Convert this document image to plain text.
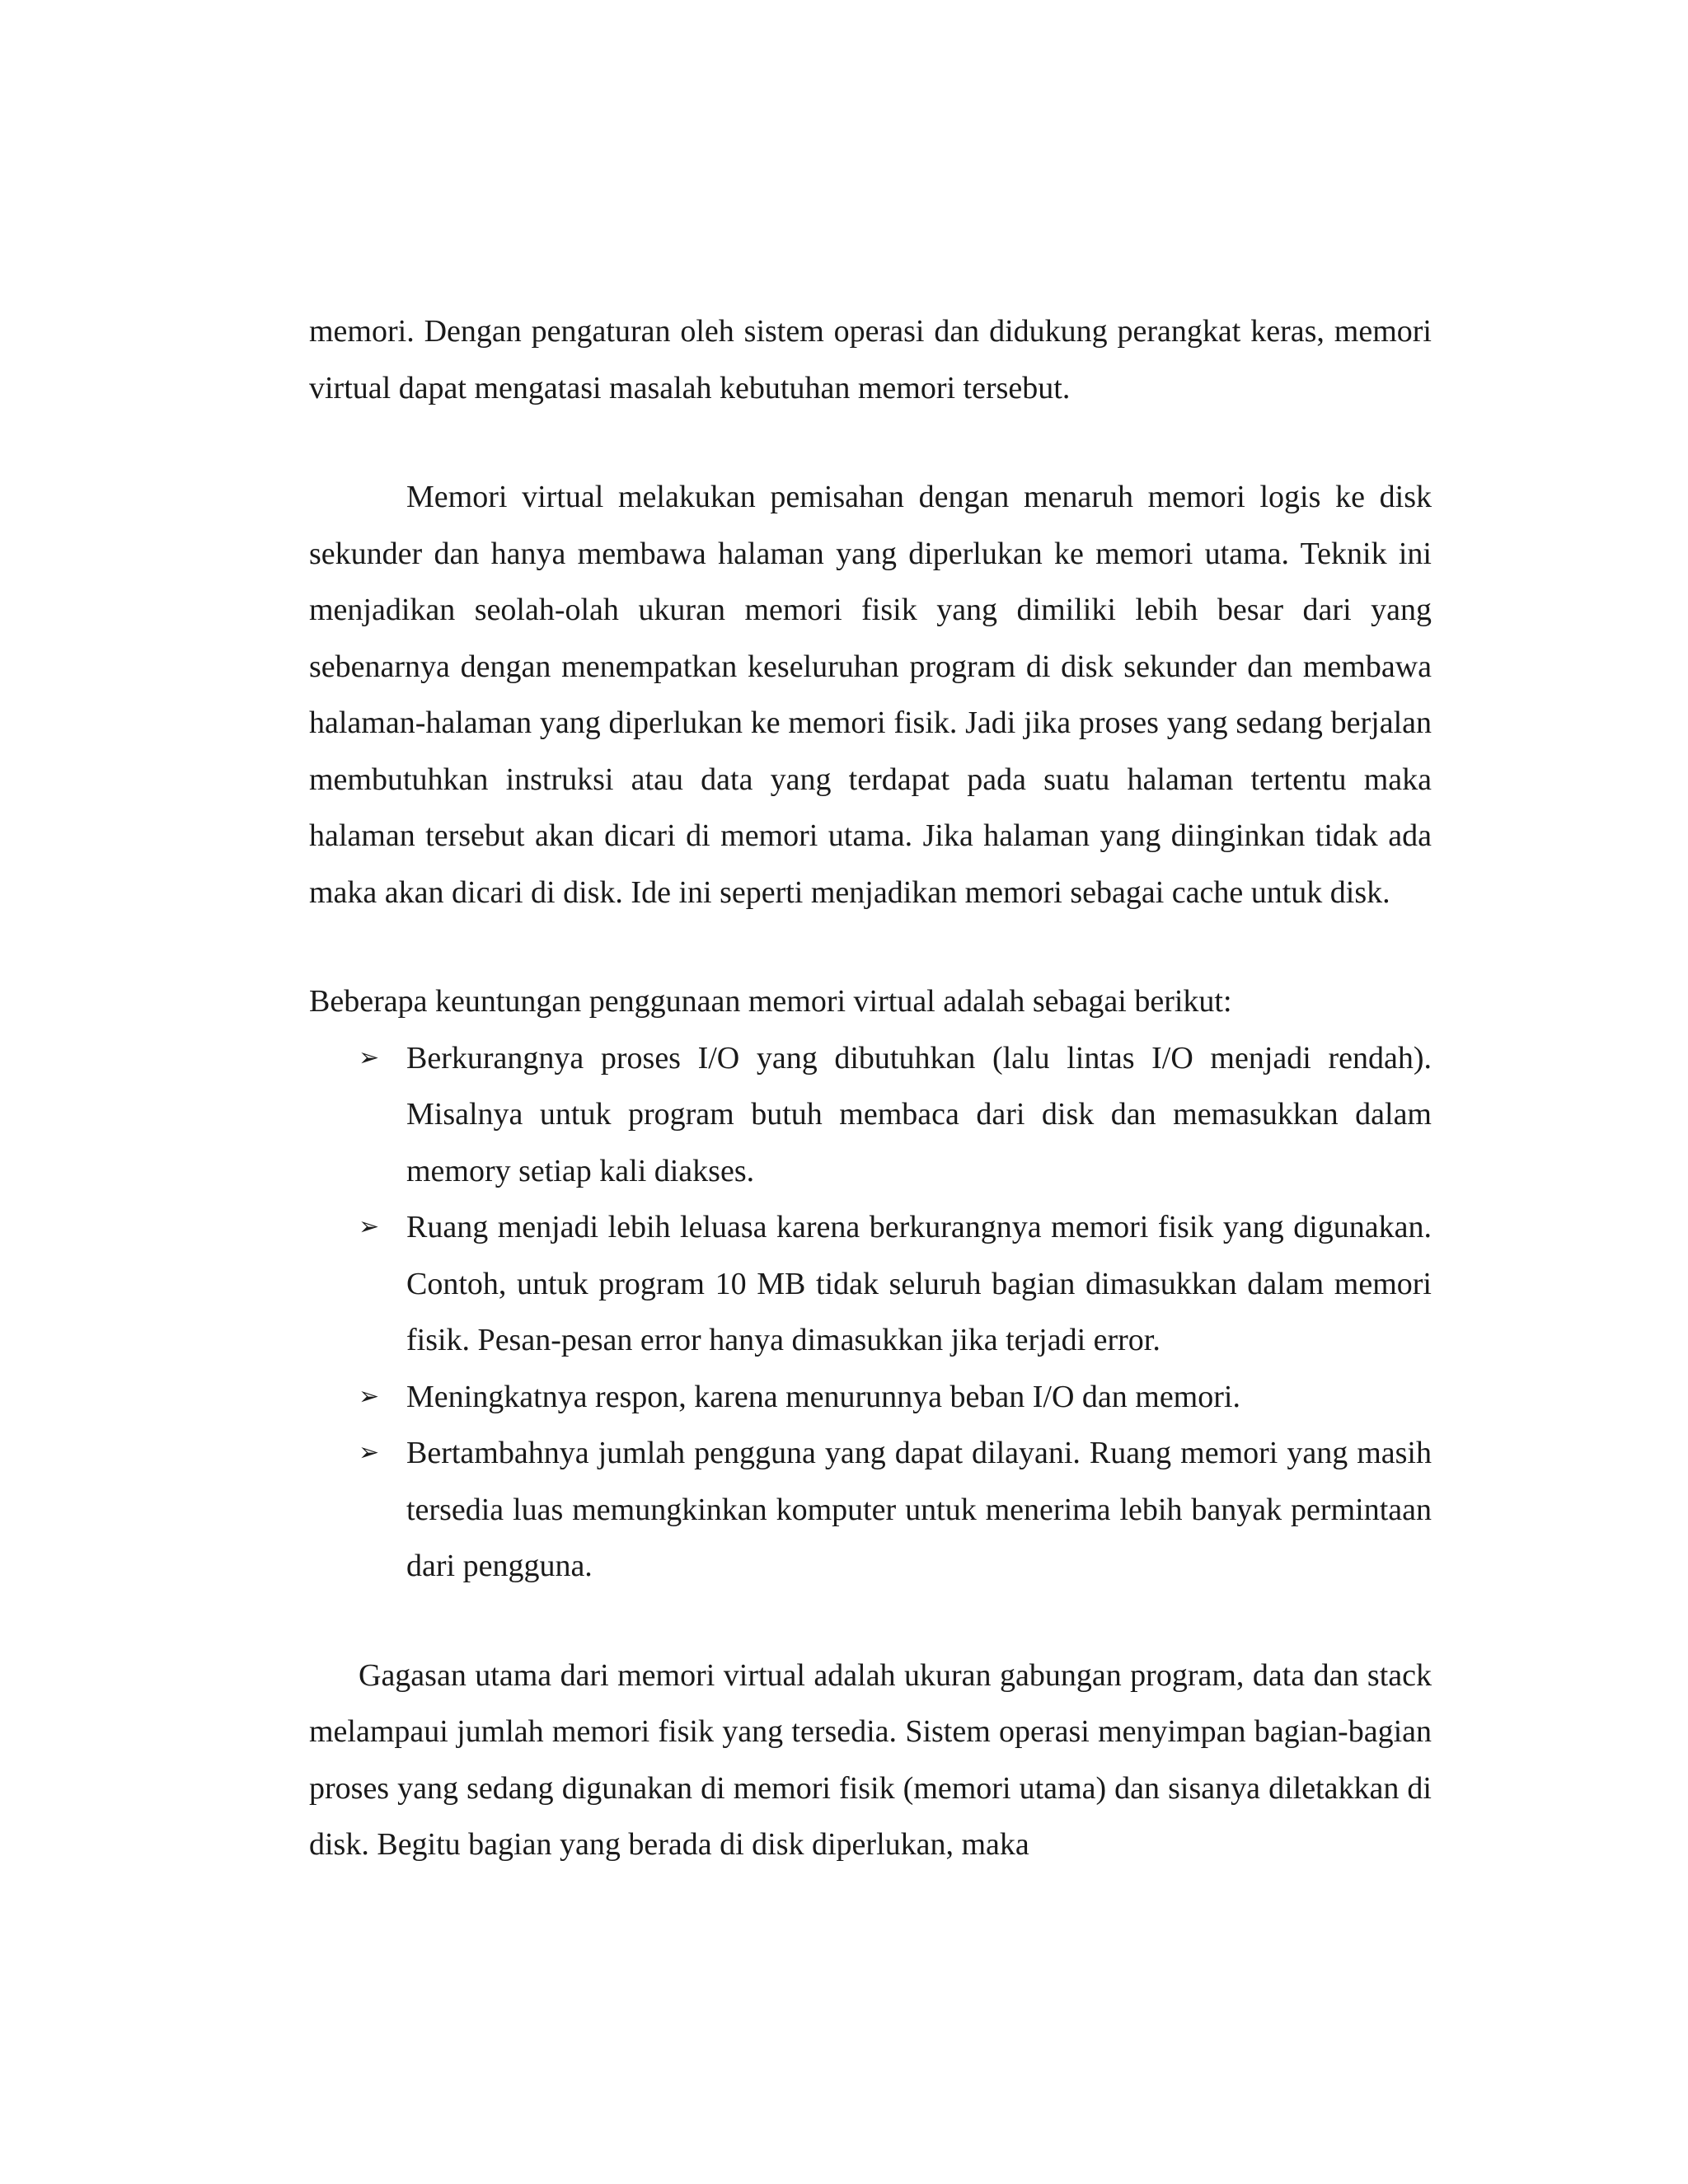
memori. Dengan pengaturan oleh sistem operasi dan didukung perangkat keras, memori virtual dapat mengatasi masalah kebutuhan memori tersebut.

Memori virtual melakukan pemisahan dengan menaruh memori logis ke disk sekunder dan hanya membawa halaman yang diperlukan ke memori utama. Teknik ini menjadikan seolah-olah ukuran memori fisik yang dimiliki lebih besar dari yang sebenarnya dengan menempatkan keseluruhan program di disk sekunder dan membawa halaman-halaman yang diperlukan ke memori fisik. Jadi jika proses yang sedang berjalan membutuhkan instruksi atau data yang terdapat pada suatu halaman tertentu maka halaman tersebut akan dicari di memori utama. Jika halaman yang diinginkan tidak ada maka akan dicari di disk. Ide ini seperti menjadikan memori sebagai cache untuk disk.

Beberapa keuntungan penggunaan memori virtual adalah sebagai berikut:

➢ Berkurangnya proses I/O yang dibutuhkan (lalu lintas I/O menjadi rendah). Misalnya untuk program butuh membaca dari disk dan memasukkan dalam memory setiap kali diakses.
➢ Ruang menjadi lebih leluasa karena berkurangnya memori fisik yang digunakan. Contoh, untuk program 10 MB tidak seluruh bagian dimasukkan dalam memori fisik. Pesan-pesan error hanya dimasukkan jika terjadi error.
➢ Meningkatnya respon, karena menurunnya beban I/O dan memori.
➢ Bertambahnya jumlah pengguna yang dapat dilayani. Ruang memori yang masih tersedia luas memungkinkan komputer untuk menerima lebih banyak permintaan dari pengguna.

Gagasan utama dari memori virtual adalah ukuran gabungan program, data dan stack melampaui jumlah memori fisik yang tersedia. Sistem operasi menyimpan bagian-bagian proses yang sedang digunakan di memori fisik (memori utama) dan sisanya diletakkan di disk. Begitu bagian yang berada di disk diperlukan, maka
